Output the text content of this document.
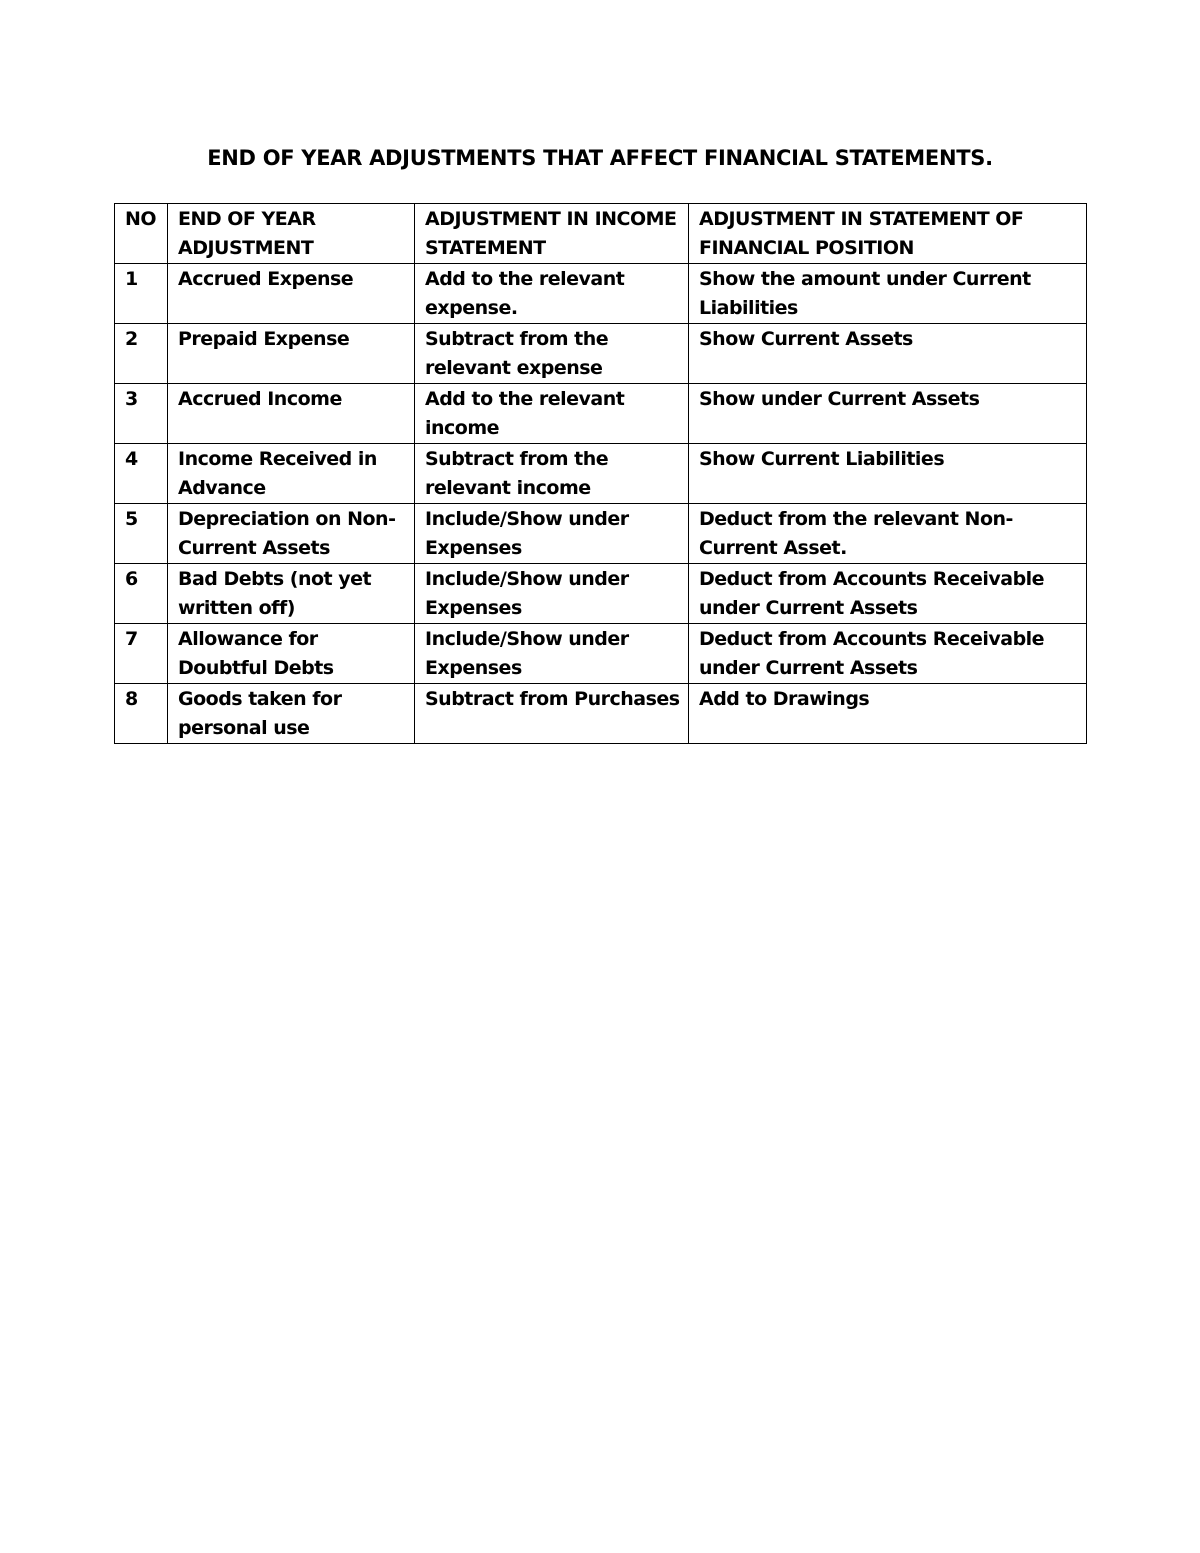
END OF YEAR ADJUSTMENTS THAT AFFECT FINANCIAL STATEMENTS.
NO	END OF YEAR ADJUSTMENT	ADJUSTMENT IN INCOME STATEMENT	ADJUSTMENT IN STATEMENT OF FINANCIAL POSITION
1	Accrued Expense	Add to the relevant expense.	Show the amount under Current Liabilities
2	Prepaid Expense	Subtract from the relevant expense	Show Current Assets
3	Accrued Income	Add to the relevant income	Show under Current Assets
4	Income Received in Advance	Subtract from the relevant income	Show Current Liabilities
5	Depreciation on Non-Current Assets	Include/Show under Expenses	Deduct from the relevant Non-Current Asset.
6	Bad Debts (not yet written off)	Include/Show under Expenses	Deduct from Accounts Receivable under Current Assets
7	Allowance for Doubtful Debts	Include/Show under Expenses	Deduct from Accounts Receivable under Current Assets
8	Goods taken for personal use	Subtract from Purchases	Add to Drawings
